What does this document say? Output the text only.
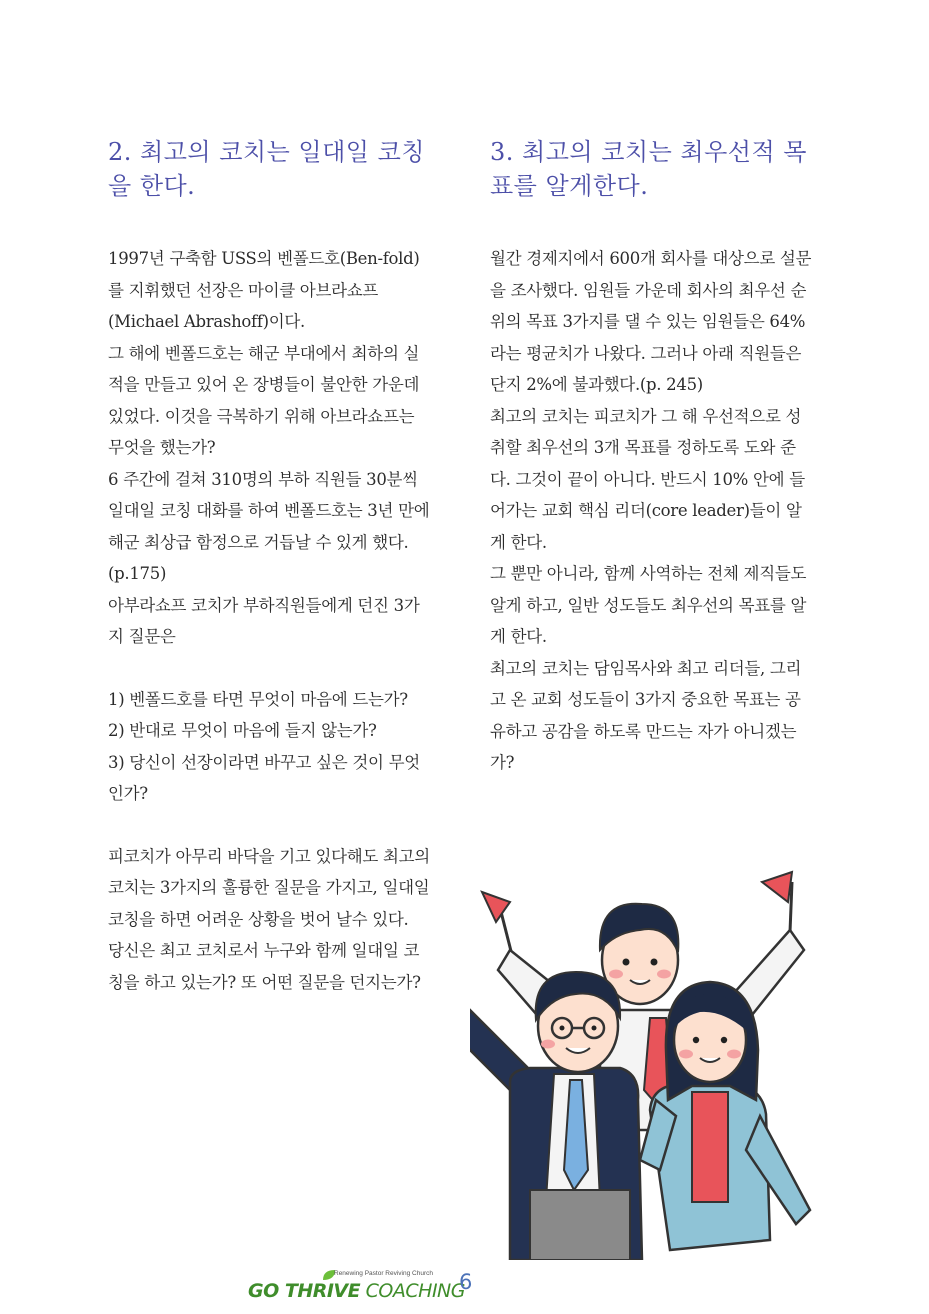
2. 최고의 코치는 일대일 코칭을 한다.

1997년 구축함 USS의 벤폴드호(Ben-fold)를 지휘했던 선장은 마이클 아브라쇼프(Michael Abrashoff)이다.

그 해에 벤폴드호는 해군 부대에서 최하의 실적을 만들고 있어 온 장병들이 불안한 가운데 있었다. 이것을 극복하기 위해 아브라쇼프는 무엇을 했는가?

6 주간에 걸쳐 310명의 부하 직원들 30분씩 일대일 코칭 대화를 하여 벤폴드호는 3년 만에 해군 최상급 함정으로 거듭날 수 있게 했다.(p.175)

아부라쇼프 코치가 부하직원들에게 던진 3가지 질문은

1) 벤폴드호를 타면 무엇이 마음에 드는가?

2) 반대로 무엇이 마음에 들지 않는가?

3) 당신이 선장이라면 바꾸고 싶은 것이 무엇인가?

피코치가 아무리 바닥을 기고 있다해도 최고의 코치는 3가지의 훌륭한 질문을 가지고, 일대일 코칭을 하면 어려운 상황을 벗어 날수 있다.

당신은 최고 코치로서 누구와 함께 일대일 코칭을 하고 있는가? 또 어떤 질문을 던지는가?

3. 최고의 코치는 최우선적 목표를 알게한다.

월간 경제지에서 600개 회사를 대상으로 설문을 조사했다. 임원들 가운데 회사의 최우선 순위의 목표 3가지를 댈 수 있는 임원들은 64%라는 평균치가 나왔다. 그러나 아래 직원들은 단지 2%에 불과했다.(p. 245)

최고의 코치는 피코치가 그 해 우선적으로 성취할 최우선의 3개 목표를 정하도록 도와 준다. 그것이 끝이 아니다. 반드시 10% 안에 들어가는 교회 핵심 리더(core leader)들이 알게 한다.

그 뿐만 아니라, 함께 사역하는 전체 제직들도 알게 하고, 일반 성도들도 최우선의 목표를 알게 한다.

최고의 코치는 담임목사와 최고 리더들, 그리고 온 교회 성도들이 3가지 중요한 목표는 공유하고 공감을 하도록 만드는 자가 아니겠는가?

Renewing Pastor Reviving Church
GO THRIVE COACHING
6
